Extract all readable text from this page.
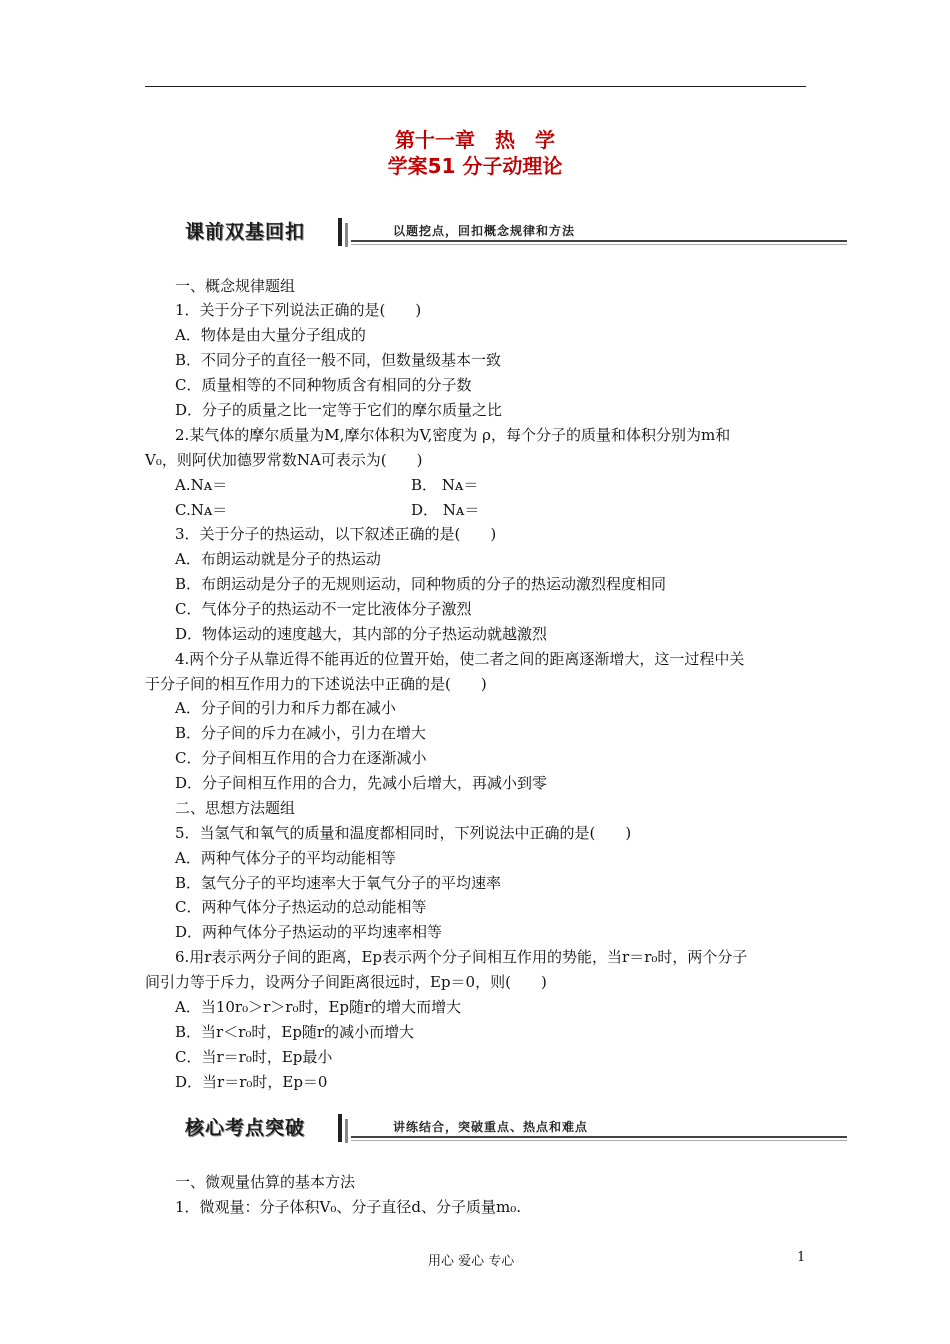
第十一章　热　学
学案51 分子动理论
课前双基回扣	以题挖点，回扣概念规律和方法
一、概念规律题组
1．关于分子下列说法正确的是(　　)
A．物体是由大量分子组成的
B．不同分子的直径一般不同，但数量级基本一致
C．质量相等的不同种物质含有相同的分子数
D．分子的质量之比一定等于它们的摩尔质量之比
2.某气体的摩尔质量为M,摩尔体积为V,密度为 ρ，每个分子的质量和体积分别为m和
V₀，则阿伏加德罗常数NA可表示为(　　)
A.Nᴀ＝	B． Nᴀ＝
C.Nᴀ＝	D． Nᴀ＝
3．关于分子的热运动，以下叙述正确的是(　　)
A．布朗运动就是分子的热运动
B．布朗运动是分子的无规则运动，同种物质的分子的热运动激烈程度相同
C．气体分子的热运动不一定比液体分子激烈
D．物体运动的速度越大，其内部的分子热运动就越激烈
4.两个分子从靠近得不能再近的位置开始，使二者之间的距离逐渐增大，这一过程中关
于分子间的相互作用力的下述说法中正确的是(　　)
A．分子间的引力和斥力都在减小
B．分子间的斥力在减小，引力在增大
C．分子间相互作用的合力在逐渐减小
D．分子间相互作用的合力，先减小后增大，再减小到零
二、思想方法题组
5．当氢气和氧气的质量和温度都相同时，下列说法中正确的是(　　)
A．两种气体分子的平均动能相等
B．氢气分子的平均速率大于氧气分子的平均速率
C．两种气体分子热运动的总动能相等
D．两种气体分子热运动的平均速率相等
6.用r表示两分子间的距离，Ep表示两个分子间相互作用的势能，当r＝r₀时，两个分子
间引力等于斥力，设两分子间距离很远时，Ep＝0，则(　　)
A．当10r₀＞r＞r₀时，Ep随r的增大而增大
B．当r＜r₀时，Ep随r的减小而增大
C．当r＝r₀时，Ep最小
D．当r＝r₀时，Ep＝0
核心考点突破	讲练结合，突破重点、热点和难点
一、微观量估算的基本方法
1．微观量：分子体积V₀、分子直径d、分子质量m₀.
用心 爱心 专心	1
